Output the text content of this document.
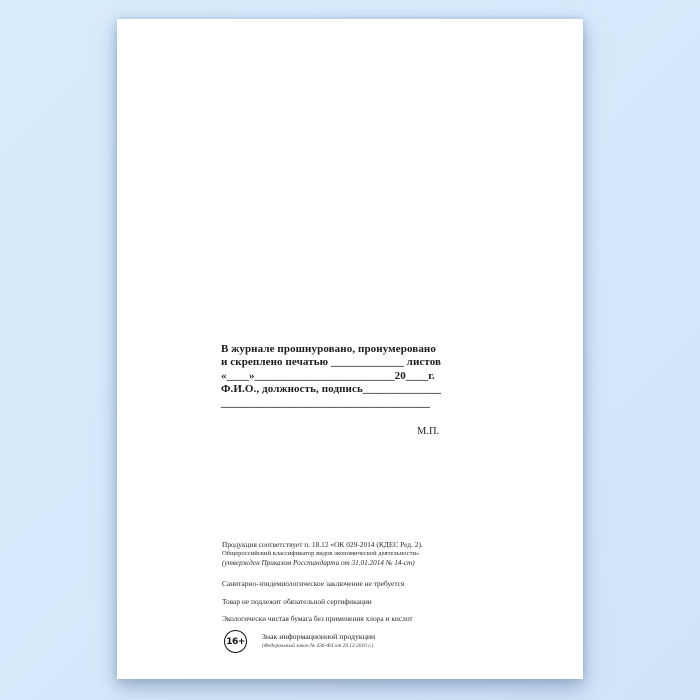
В журнале прошнуровано, пронумеровано
и скреплено печатью _____________ листов
«____»_________________________20____г.
Ф.И.О., должность, подпись______________
______________________________________
М.П.
Продукция соответствует п. 18.12 «ОК 029-2014 (КДЕС Ред. 2).
Общероссийский классификатор видов экономической деятельности»
(утвержден Приказом Росстандарта от 31.01.2014 № 14-ст)
Санитарно-эпидемиологическое заключение не требуется
Товар не подлежит обязательной сертификации
Экологически чистая бумага без применения хлора и кислот
16+ Знак информационной продукции
(Федеральный закон № 436-ФЗ от 29.12.2010 г.)
